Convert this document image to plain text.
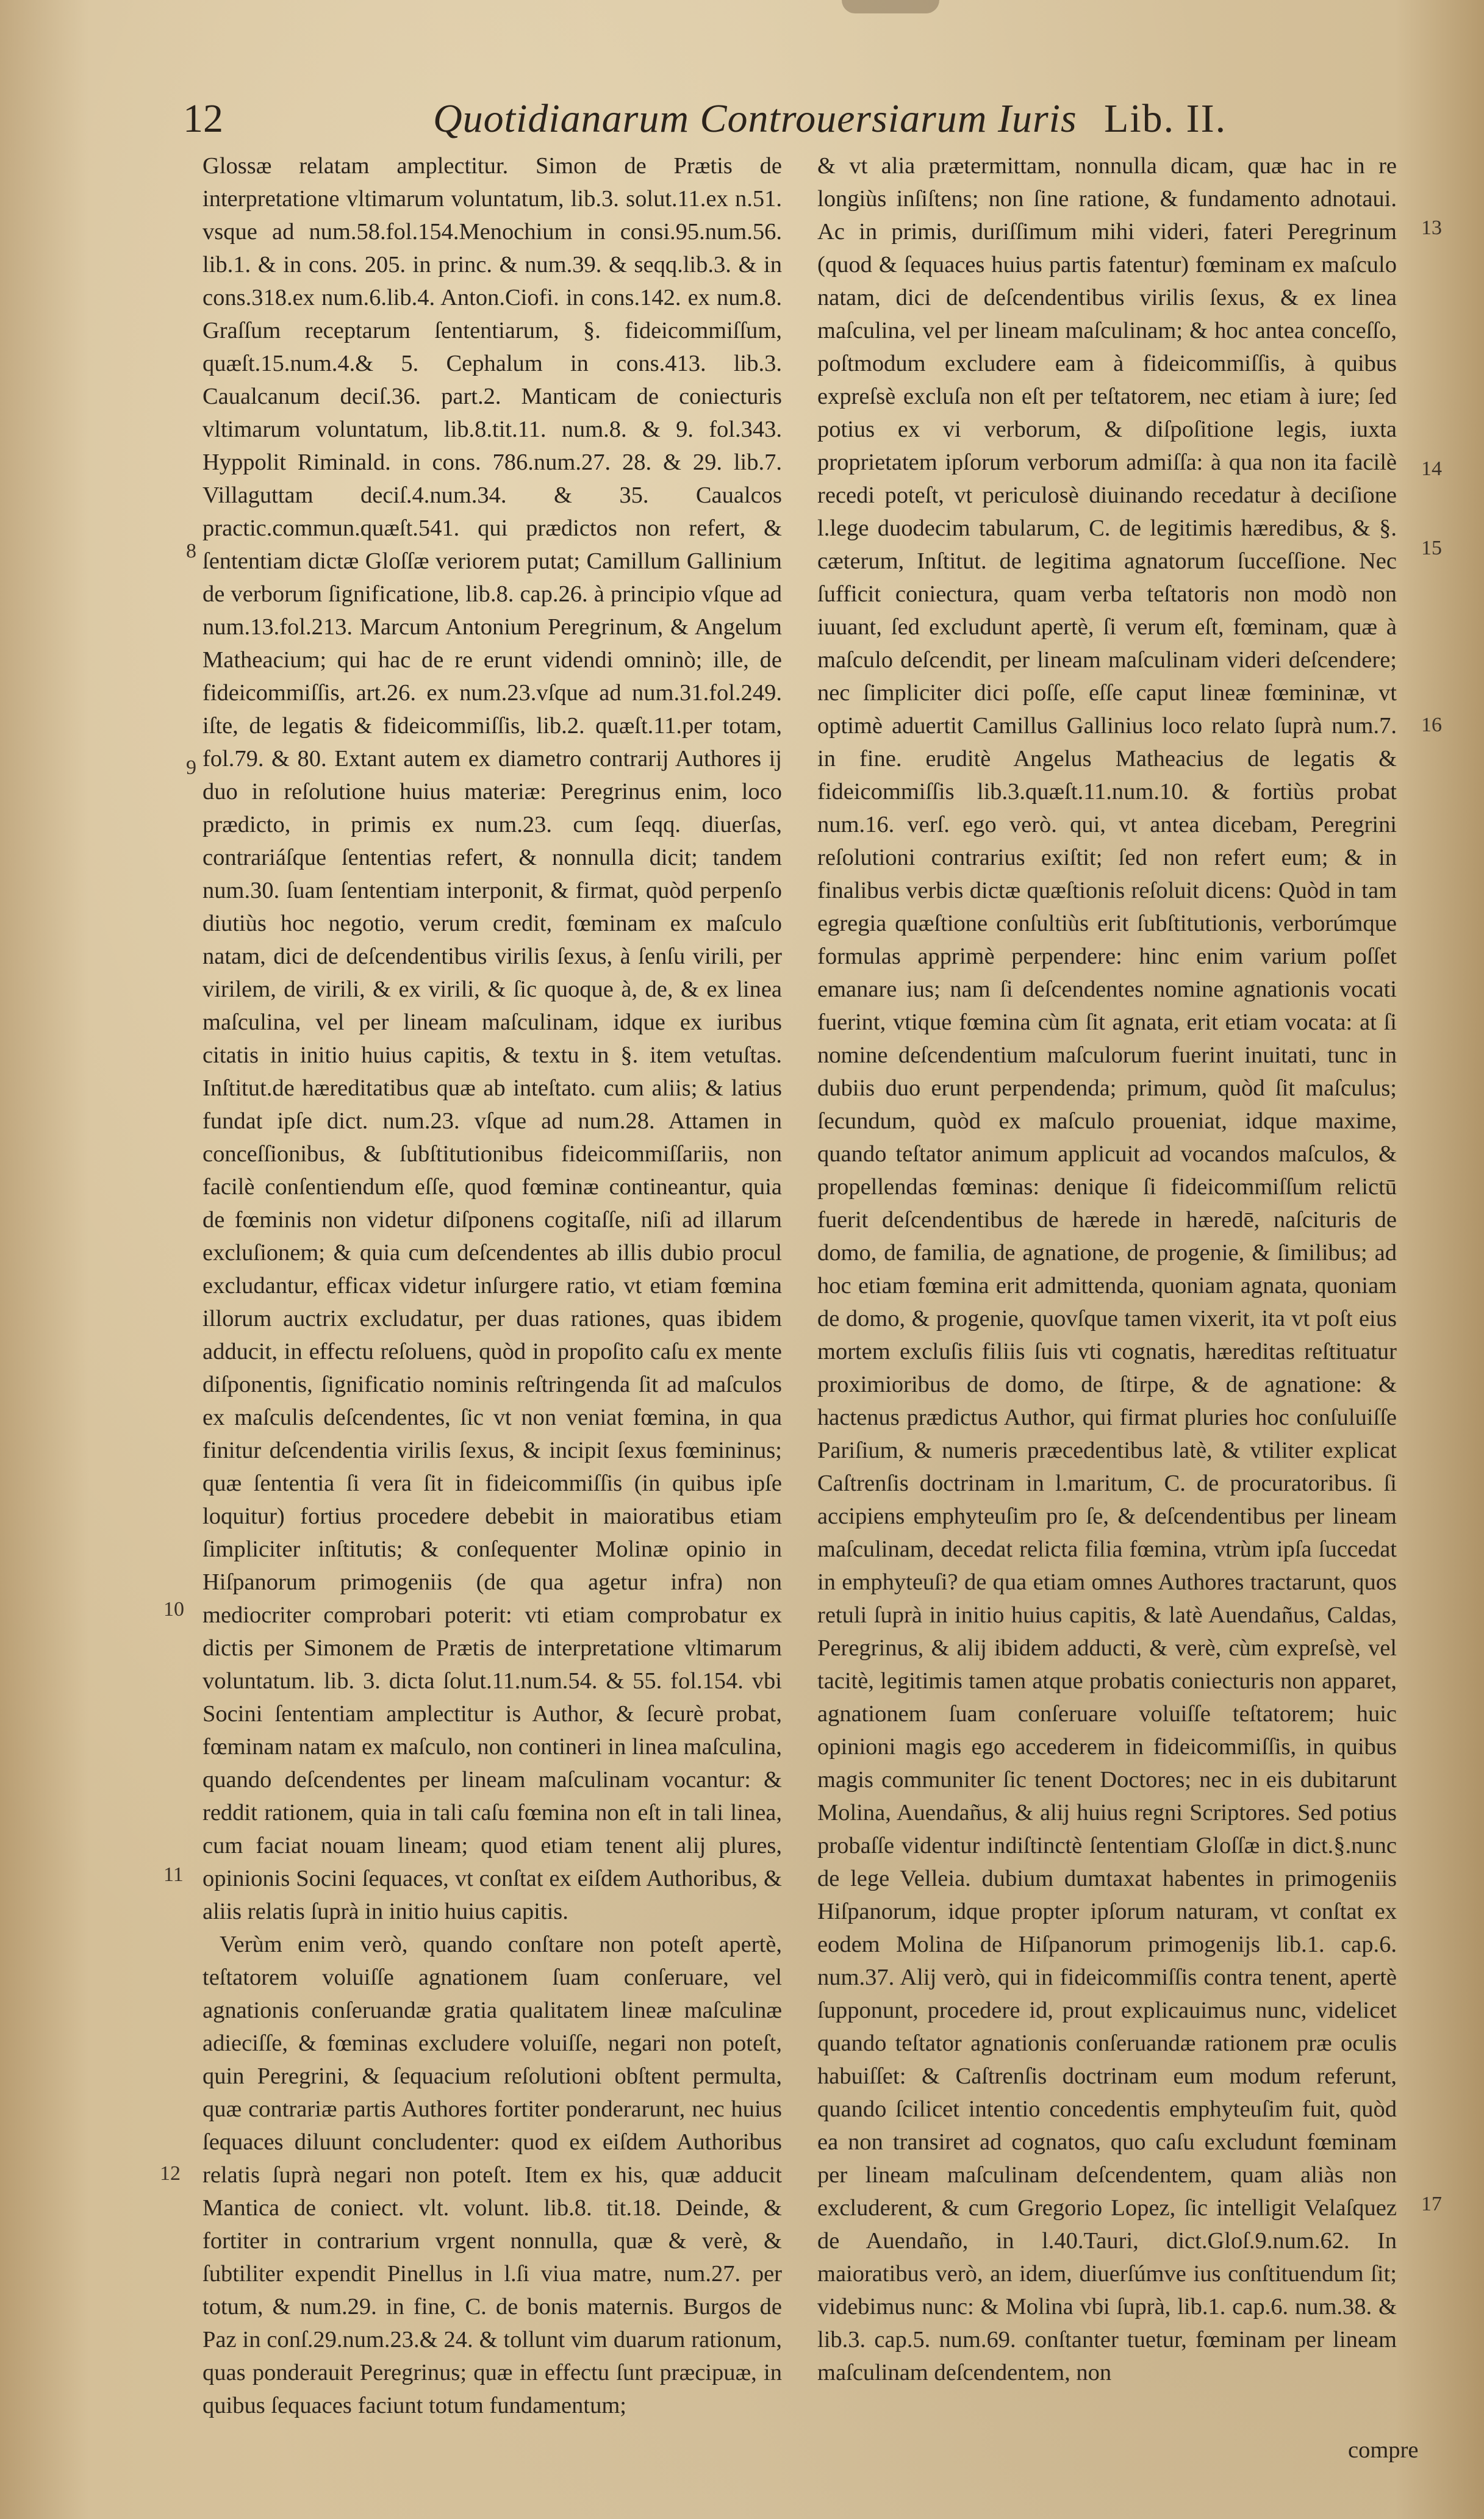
12	Quotidianarum Controuersiarum Iuris Lib. II.

Glossæ relatam amplectitur. Simon de Prætis de interpretatione vltimarum voluntatum, lib.3. solut.11.ex n.51. vsque ad num.58.fol.154.Menochium in consi.95.num.56. lib.1. & in cons. 205. in princ. & num.39. & seqq.lib.3. & in cons.318.ex num.6.lib.4. Anton.Ciofi. in cons.142. ex num.8. Graſſum receptarum ſententiarum, §. fideicommiſſum, quæſt.15.num.4.& 5. Cephalum in cons.413. lib.3. Caualcanum deciſ.36. part.2. Manticam de coniecturis vltimarum voluntatum, lib.8.tit.11. num.8. & 9. fol.343. Hyppolit Riminald. in cons. 786.num.27. 28. & 29. lib.7. Villaguttam deciſ.4.num.34. & 35. Caualcos practic.commun.quæſt.541. qui prædictos non refert, & ſententiam dictæ Gloſſæ veriorem putat; Camillum Gallinium de verborum ſignificatione, lib.8. cap.26. à principio vſque ad num.13.fol.213. Marcum Antonium Peregrinum, & Angelum Matheacium; qui hac de re erunt videndi omninò; ille, de fideicommiſſis, art.26. ex num.23.vſque ad num.31.fol.249. iſte, de legatis & fideicommiſſis, lib.2. quæſt.11.per totam, fol.79. & 80. Extant autem ex diametro contrarij Authores ij duo in reſolutione huius materiæ: Peregrinus enim, loco prædicto, in primis ex num.23. cum ſeqq. diuerſas, contrariáſque ſententias refert, & nonnulla dicit; tandem num.30. ſuam ſententiam interponit, & firmat, quòd perpenſo diutiùs hoc negotio, verum credit, fœminam ex maſculo natam, dici de deſcendentibus virilis ſexus, à ſenſu virili, per virilem, de virili, & ex virili, & ſic quoque à, de, & ex linea maſculina, vel per lineam maſculinam, idque ex iuribus citatis in initio huius capitis, & textu in §. item vetuſtas. Inſtitut.de hæreditatibus quæ ab inteſtato. cum aliis; & latius fundat ipſe dict. num.23. vſque ad num.28. Attamen in conceſſionibus, & ſubſtitutionibus fideicommiſſariis, non facilè conſentiendum eſſe, quod fœminæ contineantur, quia de fœminis non videtur diſponens cogitaſſe, niſi ad illarum excluſionem; & quia cum deſcendentes ab illis dubio procul excludantur, efficax videtur inſurgere ratio, vt etiam fœmina illorum auctrix excludatur, per duas rationes, quas ibidem adducit, in effectu reſoluens, quòd in propoſito caſu ex mente diſponentis, ſignificatio nominis reſtringenda ſit ad maſculos ex maſculis deſcendentes, ſic vt non veniat fœmina, in qua finitur deſcendentia virilis ſexus, & incipit ſexus fœmininus; quæ ſententia ſi vera ſit in fideicommiſſis (in quibus ipſe loquitur) fortius procedere debebit in maioratibus etiam ſimpliciter inſtitutis; & conſequenter Molinæ opinio in Hiſpanorum primogeniis (de qua agetur infra) non mediocriter comprobari poterit: vti etiam comprobatur ex dictis per Simonem de Prætis de interpretatione vltimarum voluntatum. lib. 3. dicta ſolut.11.num.54. & 55. fol.154. vbi Socini ſententiam amplectitur is Author, & ſecurè probat, fœminam natam ex maſculo, non contineri in linea maſculina, quando deſcendentes per lineam maſculinam vocantur: & reddit rationem, quia in tali caſu fœmina non eſt in tali linea, cum faciat nouam lineam; quod etiam tenent alij plures, opinionis Socini ſequaces, vt conſtat ex eiſdem Authoribus, & aliis relatis ſuprà in initio huius capitis.

Verùm enim verò, quando conſtare non poteſt apertè, teſtatorem voluiſſe agnationem ſuam conſeruare, vel agnationis conſeruandæ gratia qualitatem lineæ maſculinæ adieciſſe, & fœminas excludere voluiſſe, negari non poteſt, quin Peregrini, & ſequacium reſolutioni obſtent permulta, quæ contrariæ partis Authores fortiter ponderarunt, nec huius ſequaces diluunt concludenter: quod ex eiſdem Authoribus relatis ſuprà negari non poteſt. Item ex his, quæ adducit Mantica de coniect. vlt. volunt. lib.8. tit.18. Deinde, & fortiter in contrarium vrgent nonnulla, quæ & verè, & ſubtiliter expendit Pinellus in l.ſi viua matre, num.27. per totum, & num.29. in fine, C. de bonis maternis. Burgos de Paz in conſ.29.num.23.& 24. & tollunt vim duarum rationum, quas ponderauit Peregrinus; quæ in effectu ſunt præcipuæ, in quibus ſequaces faciunt totum fundamentum;

& vt alia prætermittam, nonnulla dicam, quæ hac in re longiùs inſiſtens; non ſine ratione, & fundamento adnotaui. Ac in primis, duriſſimum mihi videri, fateri Peregrinum (quod & ſequaces huius partis fatentur) fœminam ex maſculo natam, dici de deſcendentibus virilis ſexus, & ex linea maſculina, vel per lineam maſculinam; & hoc antea conceſſo, poſtmodum excludere eam à fideicommiſſis, à quibus expreſsè excluſa non eſt per teſtatorem, nec etiam à iure; ſed potius ex vi verborum, & diſpoſitione legis, iuxta proprietatem ipſorum verborum admiſſa: à qua non ita facilè recedi poteſt, vt periculosè diuinando recedatur à deciſione l.lege duodecim tabularum, C. de legitimis hæredibus, & §. cæterum, Inſtitut. de legitima agnatorum ſucceſſione. Nec ſufficit coniectura, quam verba teſtatoris non modò non iuuant, ſed excludunt apertè, ſi verum eſt, fœminam, quæ à maſculo deſcendit, per lineam maſculinam videri deſcendere; nec ſimpliciter dici poſſe, eſſe caput lineæ fœmininæ, vt optimè aduertit Camillus Gallinius loco relato ſuprà num.7. in fine. eruditè Angelus Matheacius de legatis & fideicommiſſis lib.3.quæſt.11.num.10. & fortiùs probat num.16. verſ. ego verò. qui, vt antea dicebam, Peregrini reſolutioni contrarius exiſtit; ſed non refert eum; & in finalibus verbis dictæ quæſtionis reſoluit dicens: Quòd in tam egregia quæſtione conſultiùs erit ſubſtitutionis, verborúmque formulas apprimè perpendere: hinc enim varium poſſet emanare ius; nam ſi deſcendentes nomine agnationis vocati fuerint, vtique fœmina cùm ſit agnata, erit etiam vocata: at ſi nomine deſcendentium maſculorum fuerint inuitati, tunc in dubiis duo erunt perpendenda; primum, quòd ſit maſculus; ſecundum, quòd ex maſculo proueniat, idque maxime, quando teſtator animum applicuit ad vocandos maſculos, & propellendas fœminas: denique ſi fideicommiſſum relictū fuerit deſcendentibus de hærede in hæredē, naſcituris de domo, de familia, de agnatione, de progenie, & ſimilibus; ad hoc etiam fœmina erit admittenda, quoniam agnata, quoniam de domo, & progenie, quovſque tamen vixerit, ita vt poſt eius mortem excluſis filiis ſuis vti cognatis, hæreditas reſtituatur proximioribus de domo, de ſtirpe, & de agnatione: & hactenus prædictus Author, qui firmat pluries hoc conſuluiſſe Pariſium, & numeris præcedentibus latè, & vtiliter explicat Caſtrenſis doctrinam in l.maritum, C. de procuratoribus. ſi accipiens emphyteuſim pro ſe, & deſcendentibus per lineam maſculinam, decedat relicta filia fœmina, vtrùm ipſa ſuccedat in emphyteuſi? de qua etiam omnes Authores tractarunt, quos retuli ſuprà in initio huius capitis, & latè Auendañus, Caldas, Peregrinus, & alij ibidem adducti, & verè, cùm expreſsè, vel tacitè, legitimis tamen atque probatis coniecturis non apparet, agnationem ſuam conſeruare voluiſſe teſtatorem; huic opinioni magis ego accederem in fideicommiſſis, in quibus magis communiter ſic tenent Doctores; nec in eis dubitarunt Molina, Auendañus, & alij huius regni Scriptores. Sed potius probaſſe videntur indiſtinctè ſententiam Gloſſæ in dict.§.nunc de lege Velleia. dubium dumtaxat habentes in primogeniis Hiſpanorum, idque propter ipſorum naturam, vt conſtat ex eodem Molina de Hiſpanorum primogenijs lib.1. cap.6. num.37. Alij verò, qui in fideicommiſſis contra tenent, apertè ſupponunt, procedere id, prout explicauimus nunc, videlicet quando teſtator agnationis conſeruandæ rationem præ oculis habuiſſet: & Caſtrenſis doctrinam eum modum referunt, quando ſcilicet intentio concedentis emphyteuſim fuit, quòd ea non transiret ad cognatos, quo caſu excludunt fœminam per lineam maſculinam deſcendentem, quam aliàs non excluderent, & cum Gregorio Lopez, ſic intelligit Velaſquez de Auendaño, in l.40.Tauri, dict.Gloſ.9.num.62. In maioratibus verò, an idem, diuerſúmve ius conſtituendum ſit; videbimus nunc: & Molina vbi ſuprà, lib.1. cap.6. num.38. & lib.3. cap.5. num.69. conſtanter tuetur, fœminam per lineam maſculinam deſcendentem, non

8
9
10
11
12
13
14
15
16
17
compre
